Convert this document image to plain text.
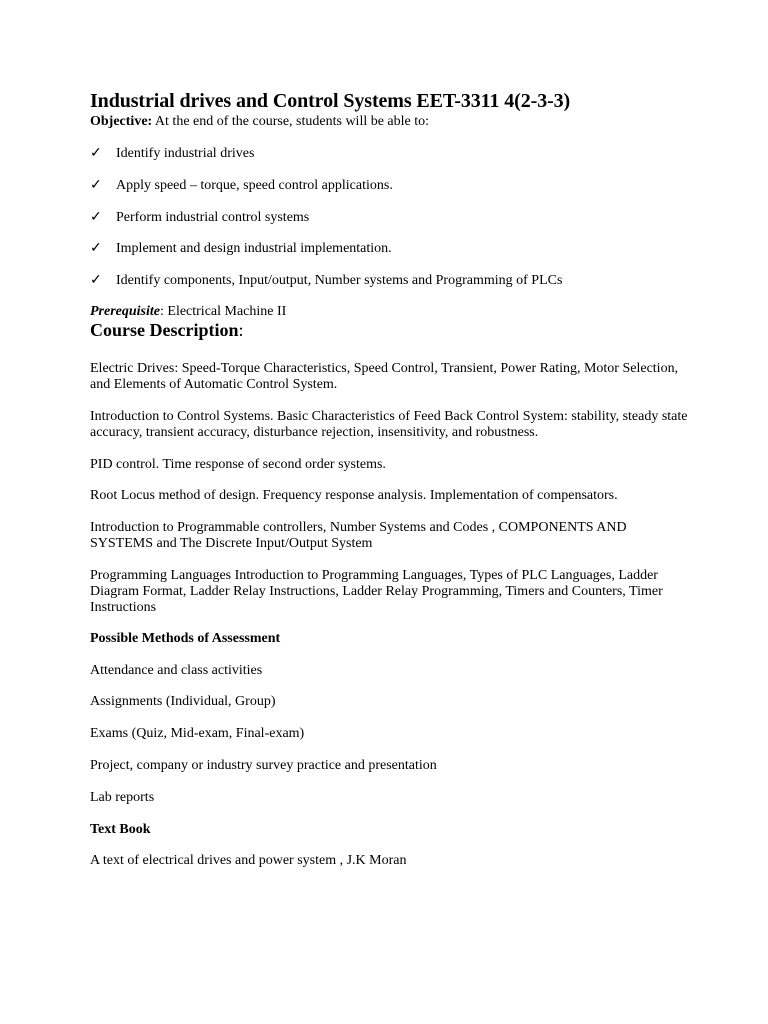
Industrial drives and Control Systems EET-3311 4(2-3-3)
Objective: At the end of the course, students will be able to:
✓ Identify industrial drives
✓ Apply speed – torque, speed control applications.
✓ Perform industrial control systems
✓ Implement and design industrial implementation.
✓ Identify components, Input/output, Number systems and Programming of PLCs
Prerequisite: Electrical Machine II
Course Description:
Electric Drives: Speed-Torque Characteristics, Speed Control, Transient, Power Rating, Motor Selection, and Elements of Automatic Control System.
Introduction to Control Systems. Basic Characteristics of Feed Back Control System: stability, steady state accuracy, transient accuracy, disturbance rejection, insensitivity, and robustness.
PID control. Time response of second order systems.
Root Locus method of design. Frequency response analysis. Implementation of compensators.
Introduction to Programmable controllers, Number Systems and Codes , COMPONENTS AND SYSTEMS and The Discrete Input/Output System
Programming Languages Introduction to Programming Languages, Types of PLC Languages, Ladder Diagram Format, Ladder Relay Instructions, Ladder Relay Programming, Timers and Counters, Timer Instructions
Possible Methods of Assessment
Attendance and class activities
Assignments (Individual, Group)
Exams (Quiz, Mid-exam, Final-exam)
Project, company or industry survey practice and presentation
Lab reports
Text Book
A text of electrical drives and power system , J.K Moran
